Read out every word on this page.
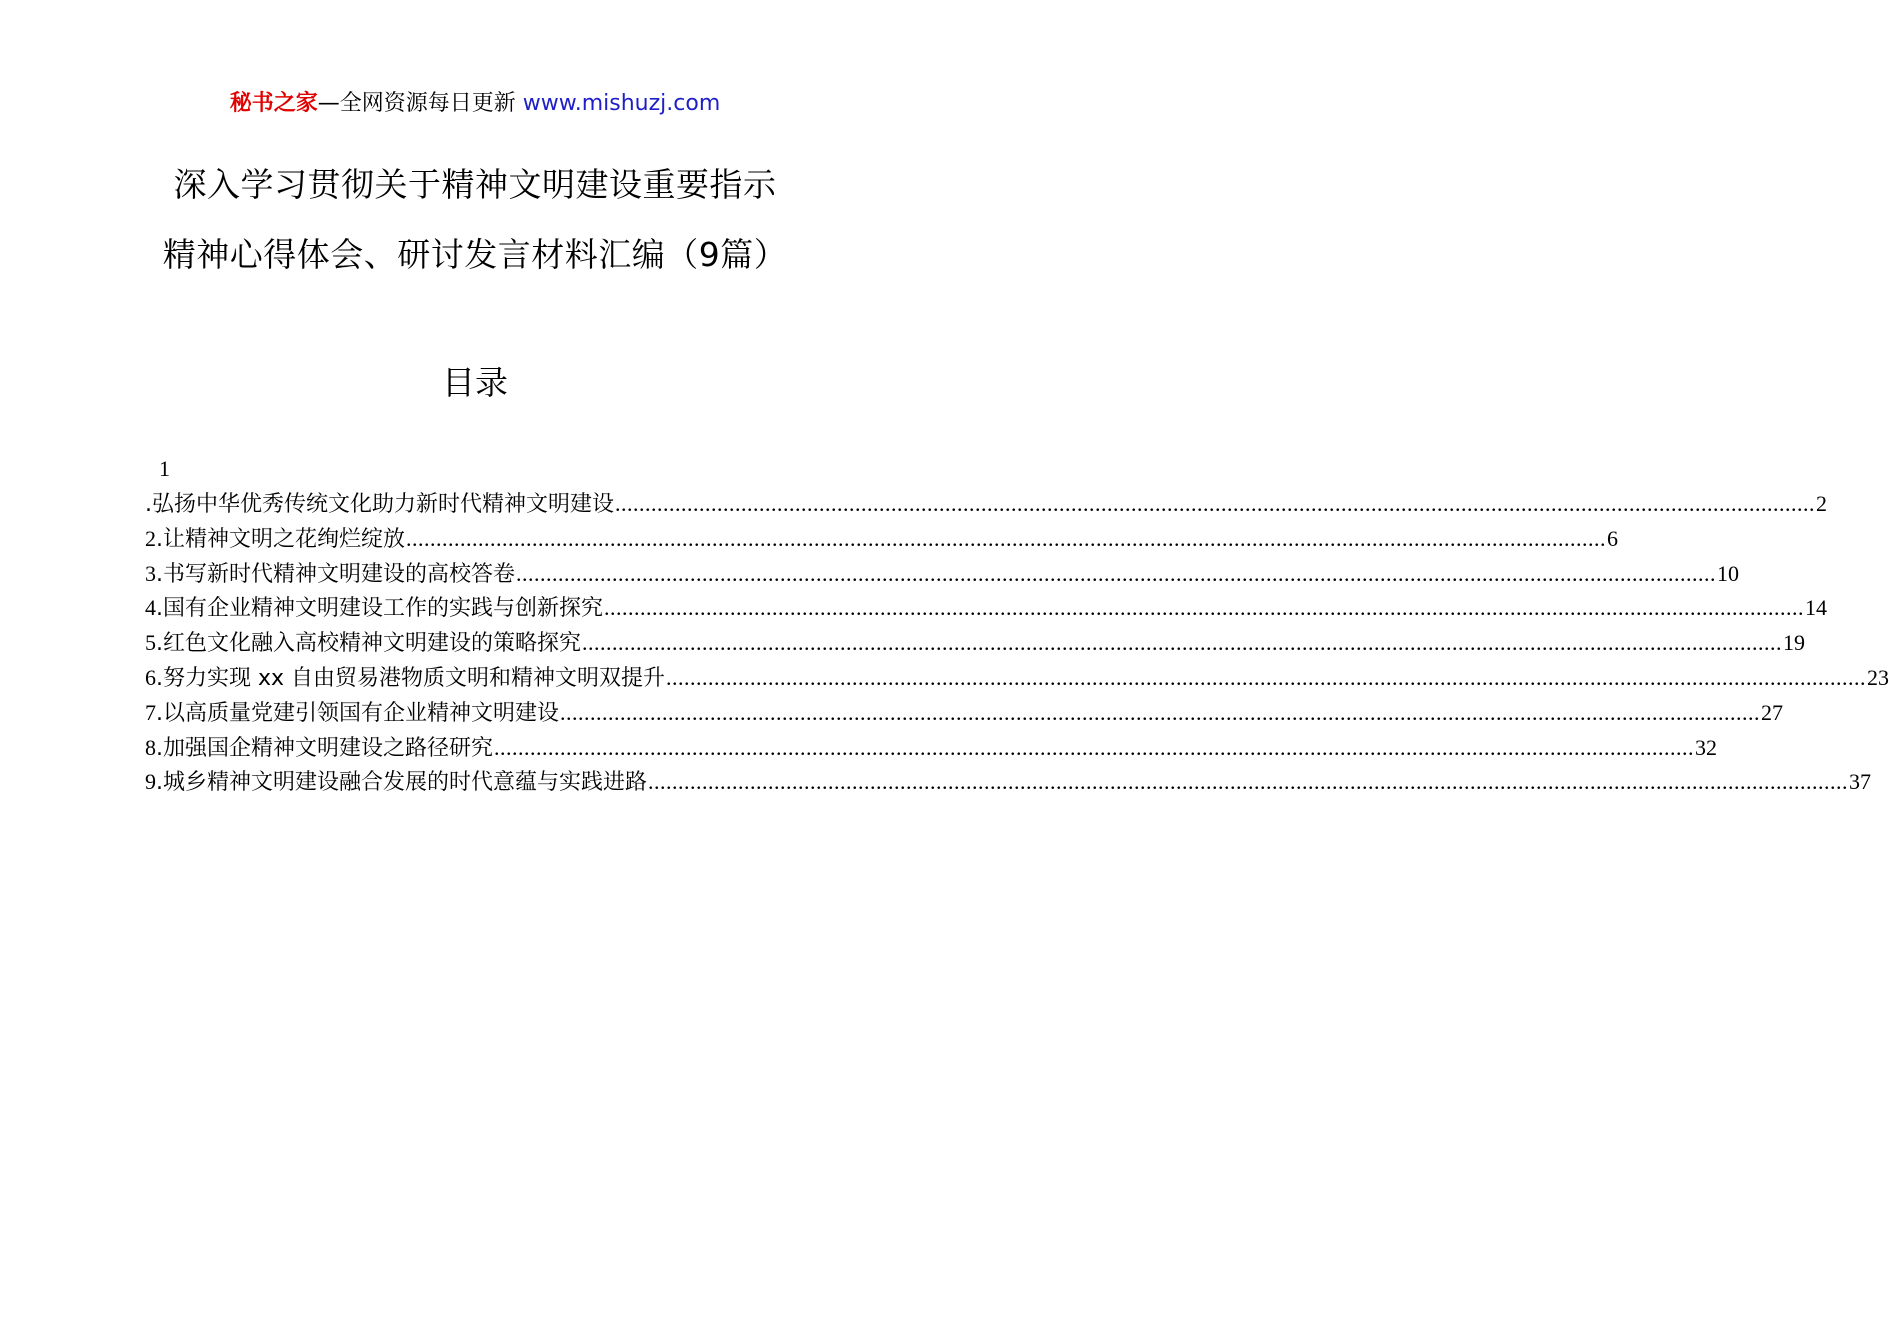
秘书之家—全网资源每日更新 www.mishuzj.com
深入学习贯彻关于精神文明建设重要指示
精神心得体会、研讨发言材料汇编（9篇）
目录
1
.弘扬中华优秀传统文化助力新时代精神文明建设 ........................................................................................................................................................................................................ 2
2.让精神文明之花绚烂绽放 ........................................................................................................................................................................................................ 6
3.书写新时代精神文明建设的高校答卷 ........................................................................................................................................................................................................ 10
4.国有企业精神文明建设工作的实践与创新探究 ........................................................................................................................................................................................................ 14
5.红色文化融入高校精神文明建设的策略探究 ........................................................................................................................................................................................................ 19
6.努力实现 xx 自由贸易港物质文明和精神文明双提升 ........................................................................................................................................................................................................ 23
7.以高质量党建引领国有企业精神文明建设 ........................................................................................................................................................................................................ 27
8.加强国企精神文明建设之路径研究 ........................................................................................................................................................................................................ 32
9.城乡精神文明建设融合发展的时代意蕴与实践进路 ........................................................................................................................................................................................................ 37
